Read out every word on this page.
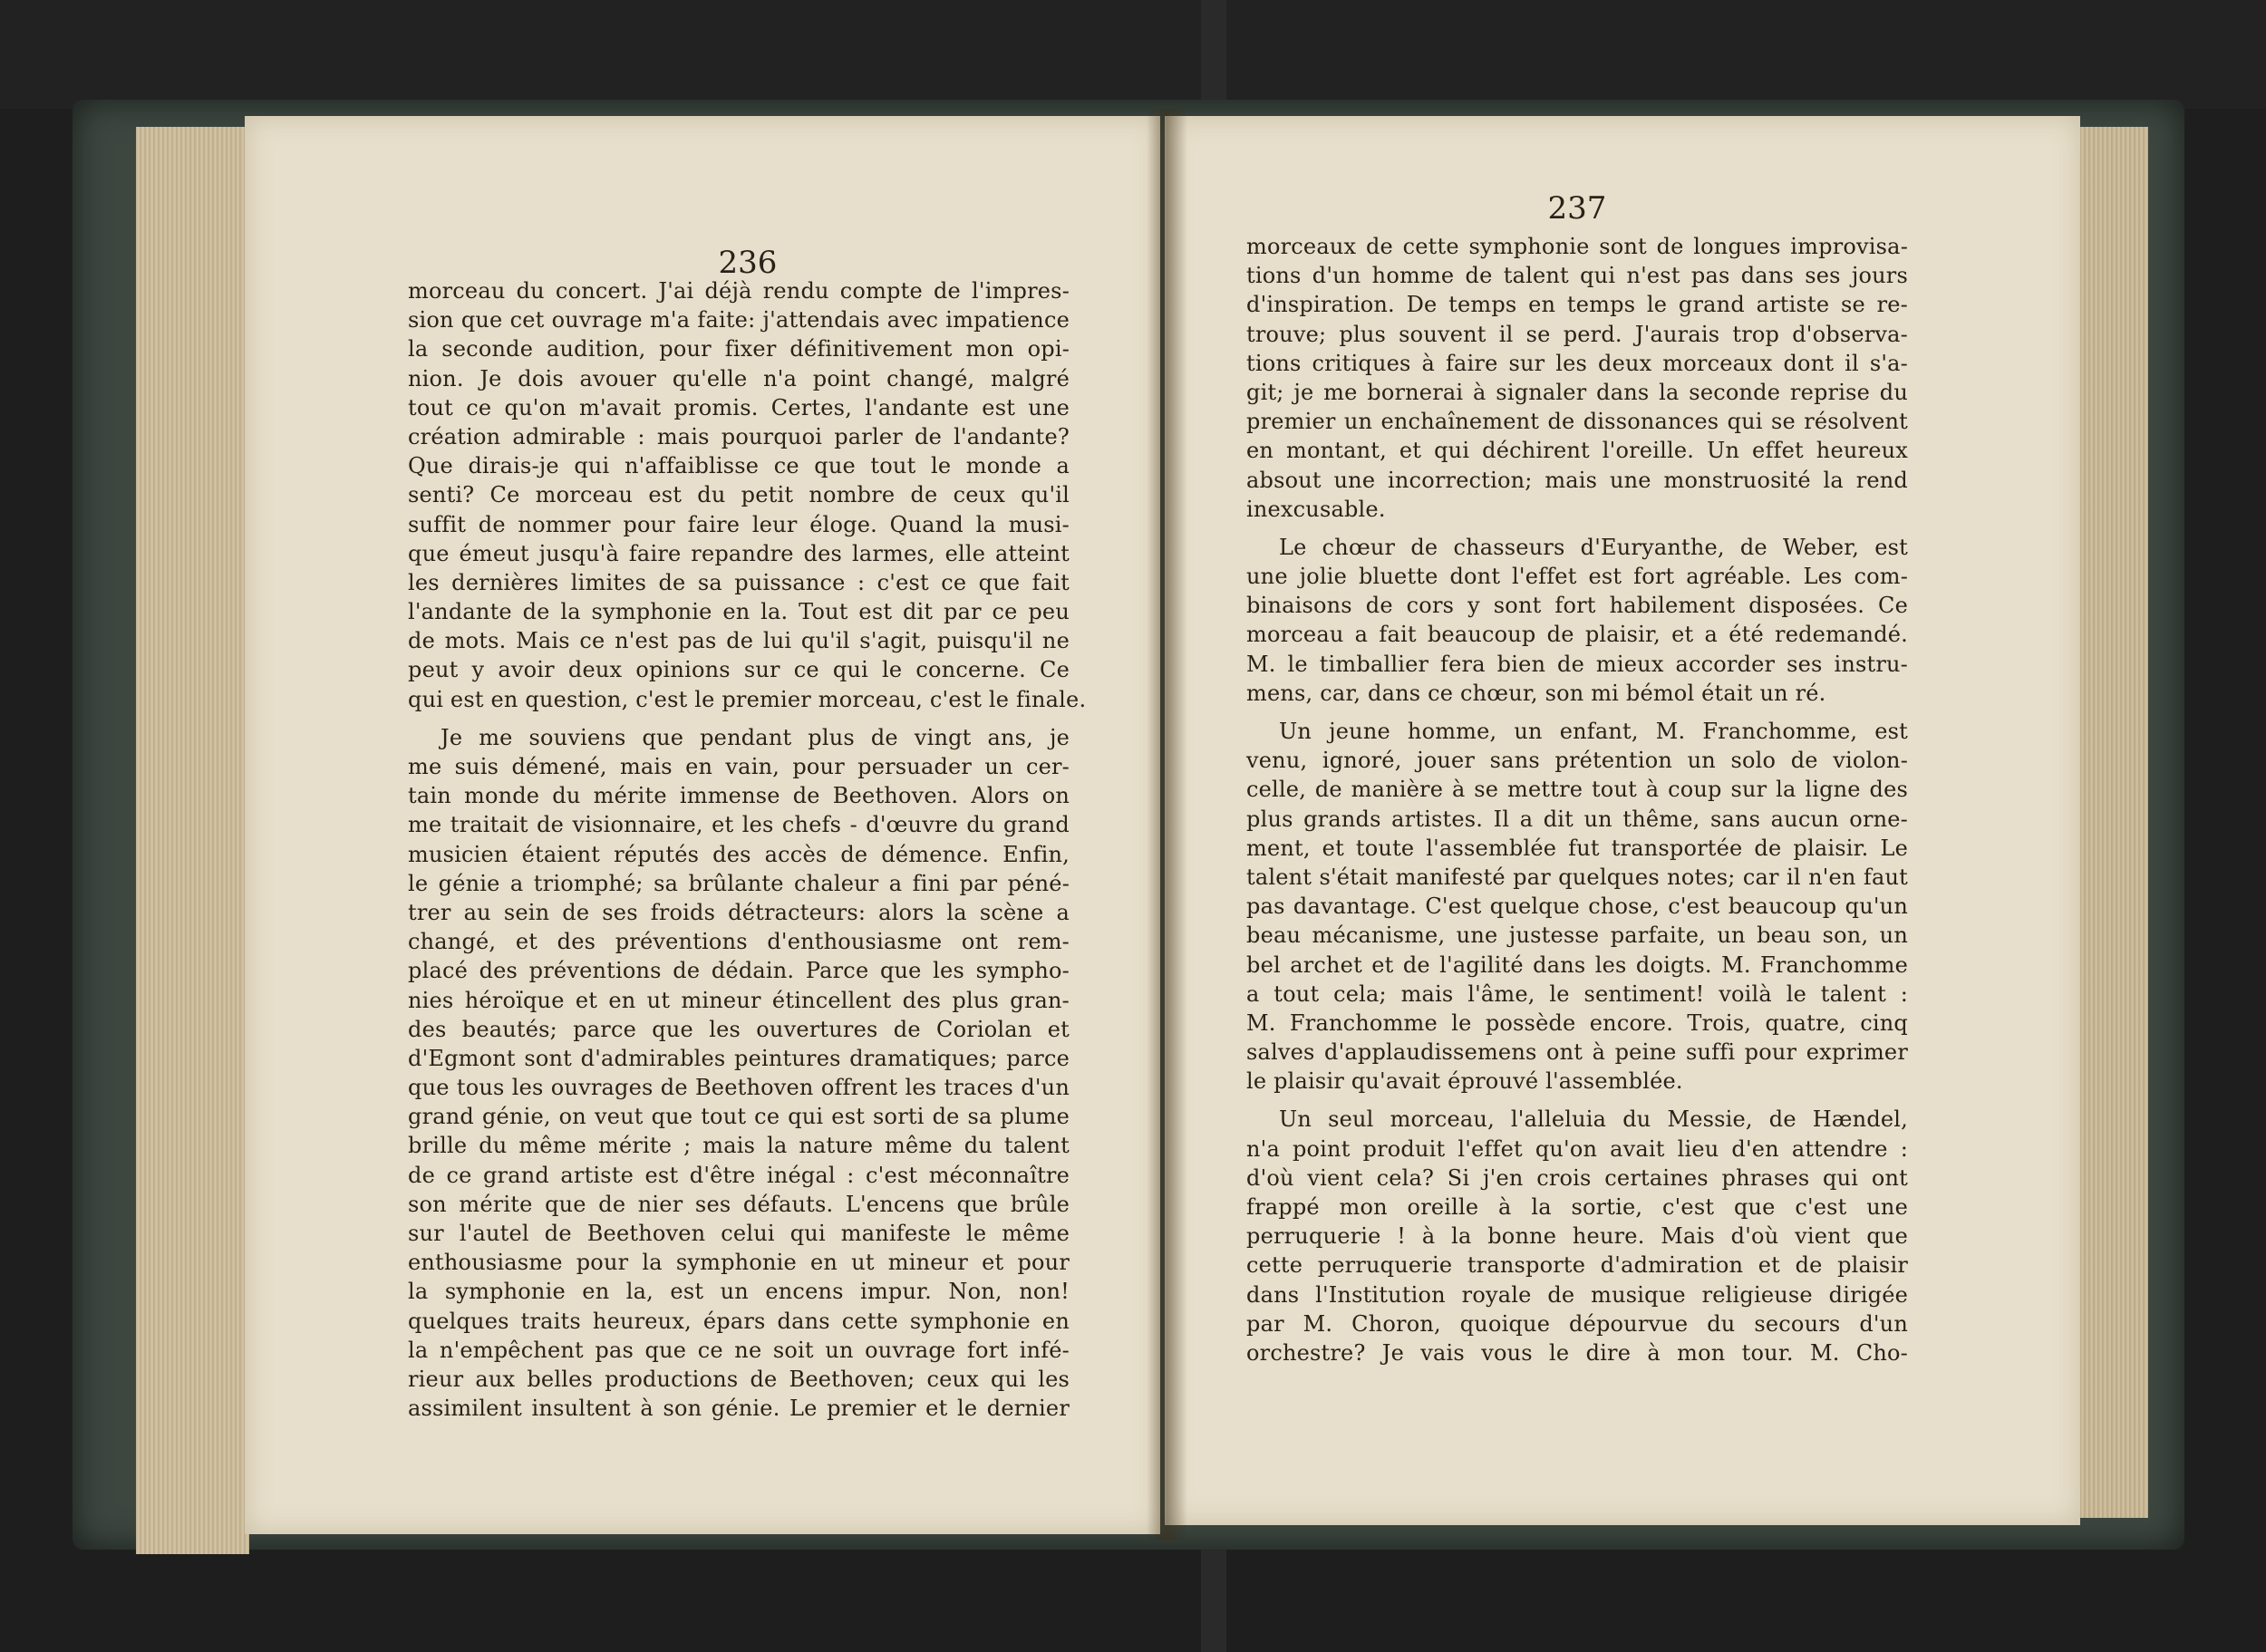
236
237
morceau du concert. J'ai déjà rendu compte de l'impres-
sion que cet ouvrage m'a faite: j'attendais avec impatience
la seconde audition, pour fixer définitivement mon opi-
nion. Je dois avouer qu'elle n'a point changé, malgré
tout ce qu'on m'avait promis. Certes, l'andante est une
création admirable : mais pourquoi parler de l'andante?
Que dirais-je qui n'affaiblisse ce que tout le monde a
senti? Ce morceau est du petit nombre de ceux qu'il
suffit de nommer pour faire leur éloge. Quand la musi-
que émeut jusqu'à faire repandre des larmes, elle atteint
les dernières limites de sa puissance : c'est ce que fait
l'andante de la symphonie en la. Tout est dit par ce peu
de mots. Mais ce n'est pas de lui qu'il s'agit, puisqu'il ne
peut y avoir deux opinions sur ce qui le concerne. Ce
qui est en question, c'est le premier morceau, c'est le finale.
Je me souviens que pendant plus de vingt ans, je
me suis démené, mais en vain, pour persuader un cer-
tain monde du mérite immense de Beethoven. Alors on
me traitait de visionnaire, et les chefs - d'œuvre du grand
musicien étaient réputés des accès de démence. Enfin,
le génie a triomphé; sa brûlante chaleur a fini par péné-
trer au sein de ses froids détracteurs: alors la scène a
changé, et des préventions d'enthousiasme ont rem-
placé des préventions de dédain. Parce que les sympho-
nies héroïque et en ut mineur étincellent des plus gran-
des beautés; parce que les ouvertures de Coriolan et
d'Egmont sont d'admirables peintures dramatiques; parce
que tous les ouvrages de Beethoven offrent les traces d'un
grand génie, on veut que tout ce qui est sorti de sa plume
brille du même mérite ; mais la nature même du talent
de ce grand artiste est d'être inégal : c'est méconnaître
son mérite que de nier ses défauts. L'encens que brûle
sur l'autel de Beethoven celui qui manifeste le même
enthousiasme pour la symphonie en ut mineur et pour
la symphonie en la, est un encens impur. Non, non!
quelques traits heureux, épars dans cette symphonie en
la n'empêchent pas que ce ne soit un ouvrage fort infé-
rieur aux belles productions de Beethoven; ceux qui les
assimilent insultent à son génie. Le premier et le dernier
morceaux de cette symphonie sont de longues improvisa-
tions d'un homme de talent qui n'est pas dans ses jours
d'inspiration. De temps en temps le grand artiste se re-
trouve; plus souvent il se perd. J'aurais trop d'observa-
tions critiques à faire sur les deux morceaux dont il s'a-
git; je me bornerai à signaler dans la seconde reprise du
premier un enchaînement de dissonances qui se résolvent
en montant, et qui déchirent l'oreille. Un effet heureux
absout une incorrection; mais une monstruosité la rend
inexcusable.
Le chœur de chasseurs d'Euryanthe, de Weber, est
une jolie bluette dont l'effet est fort agréable. Les com-
binaisons de cors y sont fort habilement disposées. Ce
morceau a fait beaucoup de plaisir, et a été redemandé.
M. le timballier fera bien de mieux accorder ses instru-
mens, car, dans ce chœur, son mi bémol était un ré.
Un jeune homme, un enfant, M. Franchomme, est
venu, ignoré, jouer sans prétention un solo de violon-
celle, de manière à se mettre tout à coup sur la ligne des
plus grands artistes. Il a dit un thême, sans aucun orne-
ment, et toute l'assemblée fut transportée de plaisir. Le
talent s'était manifesté par quelques notes; car il n'en faut
pas davantage. C'est quelque chose, c'est beaucoup qu'un
beau mécanisme, une justesse parfaite, un beau son, un
bel archet et de l'agilité dans les doigts. M. Franchomme
a tout cela; mais l'âme, le sentiment! voilà le talent :
M. Franchomme le possède encore. Trois, quatre, cinq
salves d'applaudissemens ont à peine suffi pour exprimer
le plaisir qu'avait éprouvé l'assemblée.
Un seul morceau, l'alleluia du Messie, de Hændel,
n'a point produit l'effet qu'on avait lieu d'en attendre :
d'où vient cela? Si j'en crois certaines phrases qui ont
frappé mon oreille à la sortie, c'est que c'est une
perruquerie ! à la bonne heure. Mais d'où vient que
cette perruquerie transporte d'admiration et de plaisir
dans l'Institution royale de musique religieuse dirigée
par M. Choron, quoique dépourvue du secours d'un
orchestre? Je vais vous le dire à mon tour. M. Cho-
